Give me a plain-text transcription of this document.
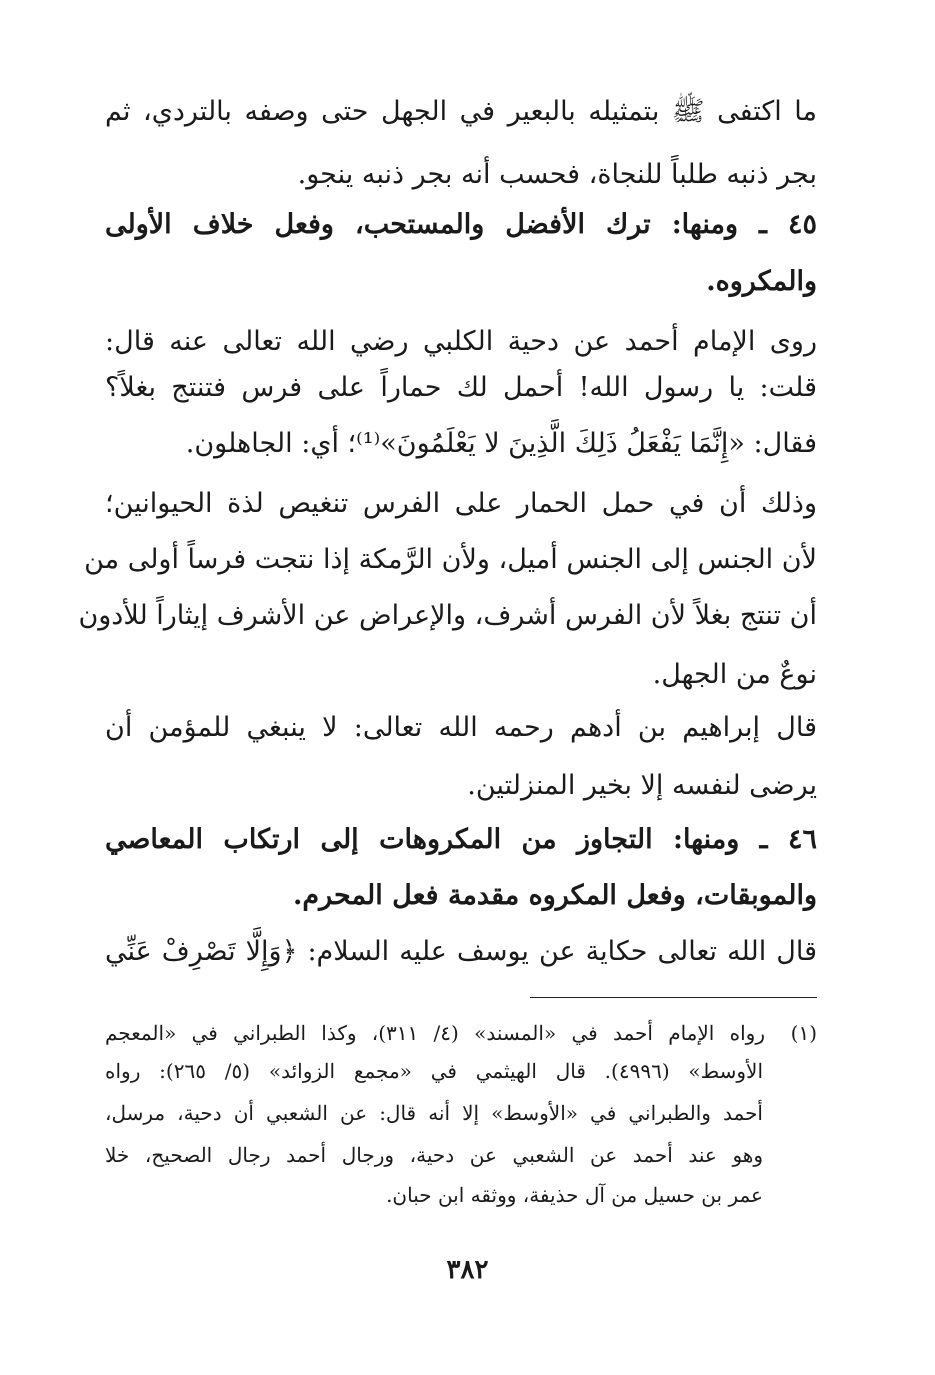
ما اكتفى ﷺ بتمثيله بالبعير في الجهل حتى وصفه بالتردي، ثم
بجر ذنبه طلباً للنجاة، فحسب أنه بجر ذنبه ينجو.
٤٥ ـ ومنها: ترك الأفضل والمستحب، وفعل خلاف الأولى
والمكروه.
روى الإمام أحمد عن دحية الكلبي رضي الله تعالى عنه قال:
قلت: يا رسول الله! أحمل لك حماراً على فرس فتنتج بغلاً؟
فقال: «إِنَّمَا يَفْعَلُ ذَلِكَ الَّذِينَ لا يَعْلَمُونَ»⁽¹⁾؛ أي: الجاهلون.
وذلك أن في حمل الحمار على الفرس تنغيص لذة الحيوانين؛
لأن الجنس إلى الجنس أميل، ولأن الرَّمكة إذا نتجت فرساً أولى من
أن تنتج بغلاً لأن الفرس أشرف، والإعراض عن الأشرف إيثاراً للأدون
نوعٌ من الجهل.
قال إبراهيم بن أدهم رحمه الله تعالى: لا ينبغي للمؤمن أن
يرضى لنفسه إلا بخير المنزلتين.
٤٦ ـ ومنها: التجاوز من المكروهات إلى ارتكاب المعاصي
والموبقات، وفعل المكروه مقدمة فعل المحرم.
قال الله تعالى حكاية عن يوسف عليه السلام: ﴿وَإِلَّا تَصْرِفْ عَنِّي
(١)
رواه الإمام أحمد في «المسند» (٤/ ٣١١)، وكذا الطبراني في «المعجم
الأوسط» (٤٩٩٦). قال الهيثمي في «مجمع الزوائد» (٥/ ٢٦٥): رواه
أحمد والطبراني في «الأوسط» إلا أنه قال: عن الشعبي أن دحية، مرسل،
وهو عند أحمد عن الشعبي عن دحية، ورجال أحمد رجال الصحيح، خلا
عمر بن حسيل من آل حذيفة، ووثقه ابن حبان.
٣٨٢
